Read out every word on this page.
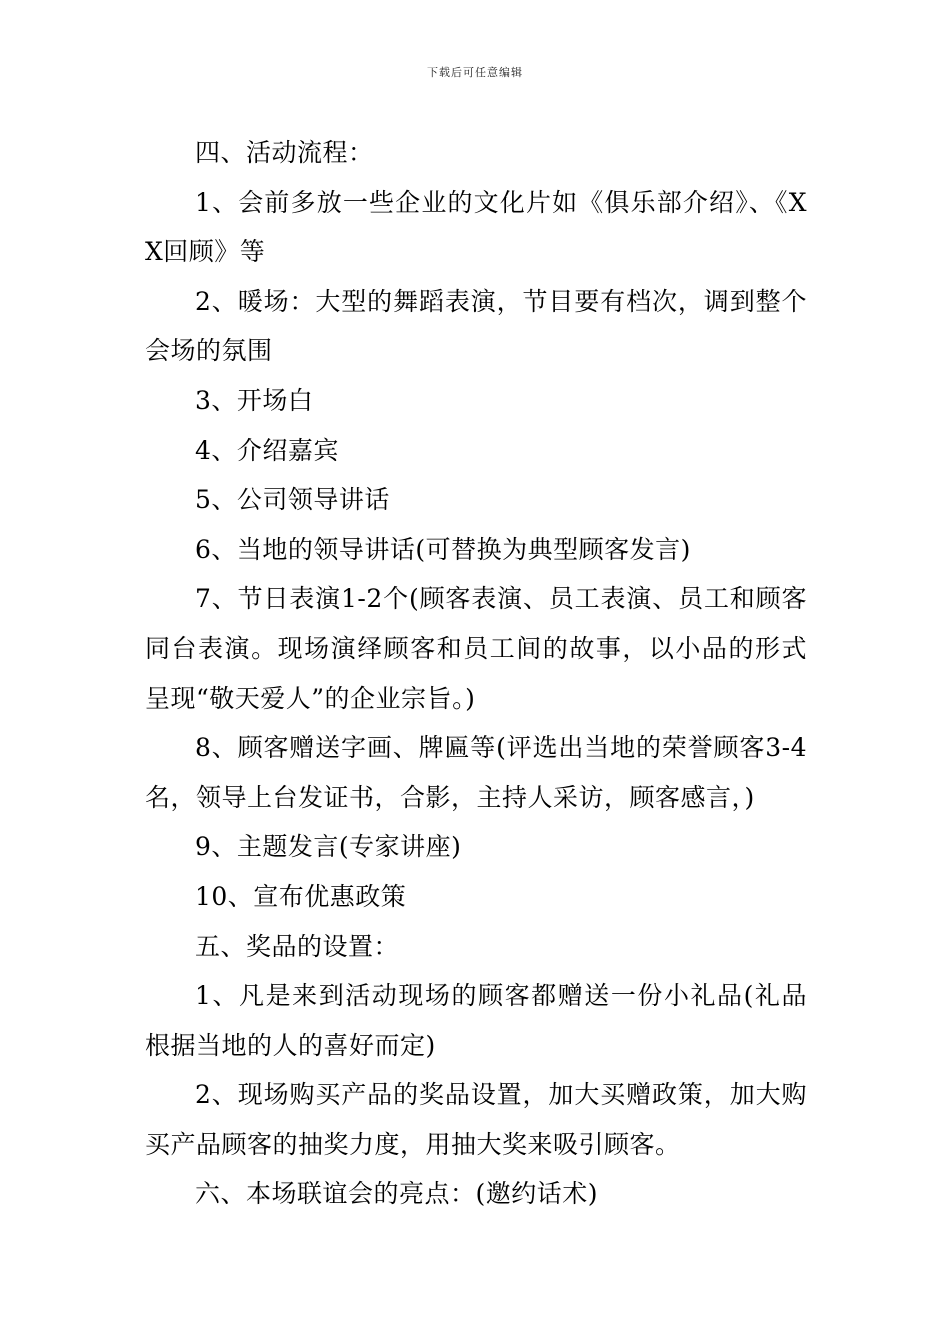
下载后可任意编辑

四、活动流程：

1、会前多放一些企业的文化片如《俱乐部介绍》、《XX回顾》等

2、暖场：大型的舞蹈表演，节目要有档次，调到整个会场的氛围

3、开场白

4、介绍嘉宾

5、公司领导讲话

6、当地的领导讲话(可替换为典型顾客发言)

7、节日表演1-2个(顾客表演、员工表演、员工和顾客同台表演。现场演绎顾客和员工间的故事，以小品的形式呈现“敬天爱人”的企业宗旨。)

8、顾客赠送字画、牌匾等(评选出当地的荣誉顾客3-4名，领导上台发证书，合影，主持人采访，顾客感言，)

9、主题发言(专家讲座)

10、宣布优惠政策

五、奖品的设置：

1、凡是来到活动现场的顾客都赠送一份小礼品(礼品根据当地的人的喜好而定)

2、现场购买产品的奖品设置，加大买赠政策，加大购买产品顾客的抽奖力度，用抽大奖来吸引顾客。

六、本场联谊会的亮点：(邀约话术)
